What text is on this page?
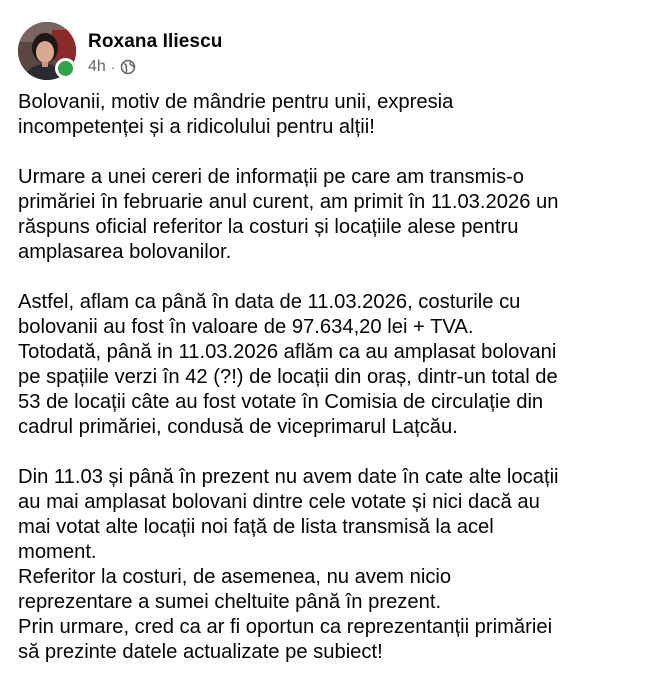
Roxana Iliescu
4h ·
Bolovanii, motiv de mândrie pentru unii, expresia
incompetenței și a ridicolului pentru alții!
Urmare a unei cereri de informații pe care am transmis-o
primăriei în februarie anul curent, am primit în 11.03.2026 un
răspuns oficial referitor la costuri și locațiile alese pentru
amplasarea bolovanilor.
Astfel, aflam ca până în data de 11.03.2026, costurile cu
bolovanii au fost în valoare de 97.634,20 lei + TVA.
Totodată, până in 11.03.2026 aflăm ca au amplasat bolovani
pe spațiile verzi în 42 (?!) de locații din oraș, dintr-un total de
53 de locații câte au fost votate în Comisia de circulație din
cadrul primăriei, condusă de viceprimarul Lațcău.
Din 11.03 și până în prezent nu avem date în cate alte locații
au mai amplasat bolovani dintre cele votate și nici dacă au
mai votat alte locații noi față de lista transmisă la acel
moment.
Referitor la costuri, de asemenea, nu avem nicio
reprezentare a sumei cheltuite până în prezent.
Prin urmare, cred ca ar fi oportun ca reprezentanții primăriei
să prezinte datele actualizate pe subiect!
